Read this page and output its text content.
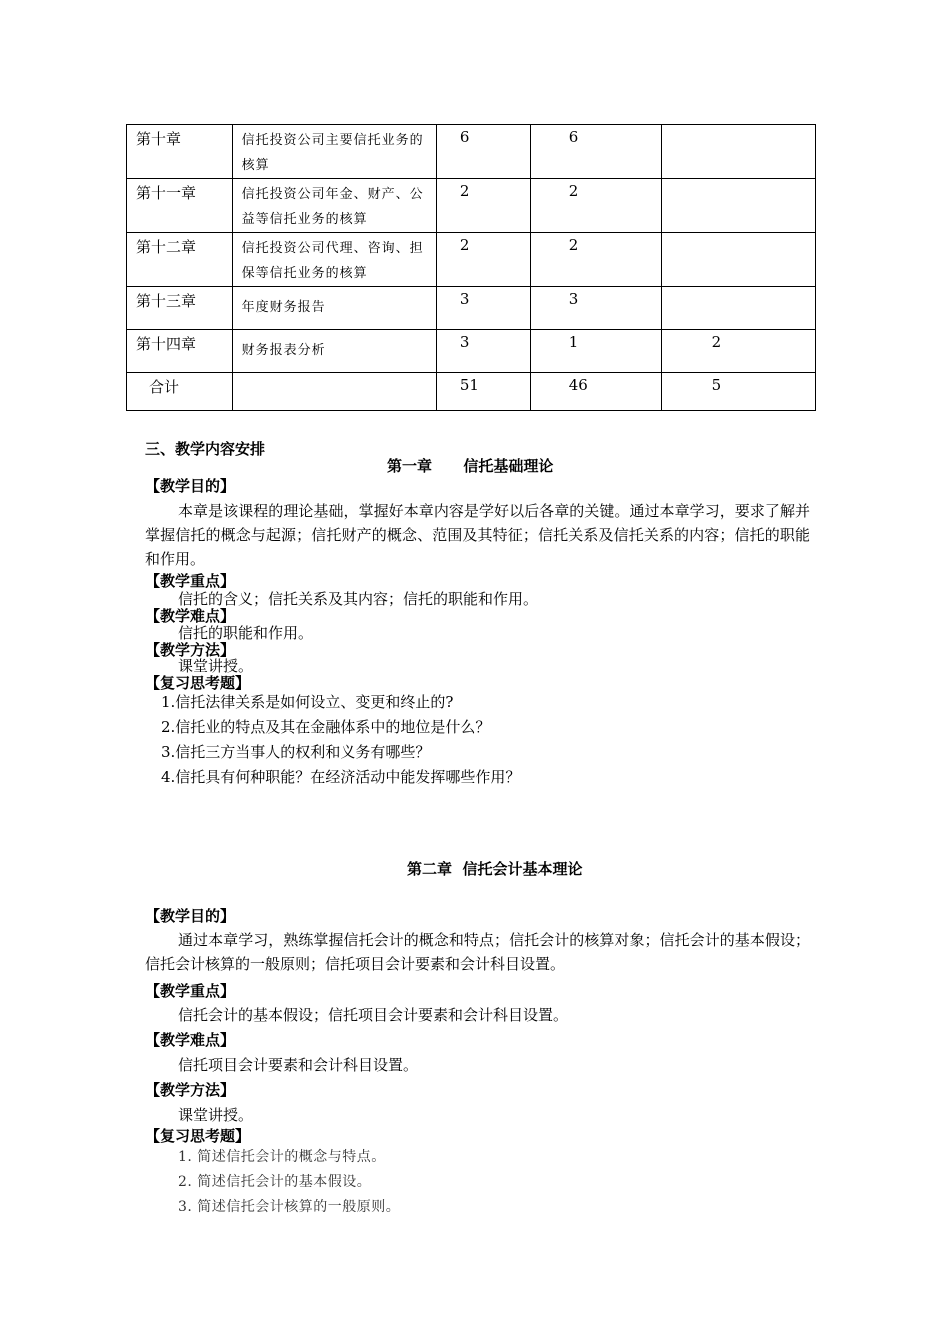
第十章	信托投资公司主要信托业务的
核算	6	6	
第十一章	信托投资公司年金、财产、公
益等信托业务的核算	2	2	
第十二章	信托投资公司代理、咨询、担
保等信托业务的核算	2	2	
第十三章	年度财务报告	3	3	
第十四章	财务报表分析	3	1	2
合计		51	46	5
三、教学内容安排
第一章      信托基础理论
【教学目的】
本章是该课程的理论基础，掌握好本章内容是学好以后各章的关键。通过本章学习，要求了解并掌握信托的概念与起源；信托财产的概念、范围及其特征；信托关系及信托关系的内容；信托的职能和作用。
【教学重点】
信托的含义；信托关系及其内容；信托的职能和作用。
【教学难点】
信托的职能和作用。
【教学方法】
课堂讲授。
【复习思考题】
1.信托法律关系是如何设立、变更和终止的?
2.信托业的特点及其在金融体系中的地位是什么？
3.信托三方当事人的权利和义务有哪些？
4.信托具有何种职能？在经济活动中能发挥哪些作用？
第二章  信托会计基本理论
【教学目的】
通过本章学习，熟练掌握信托会计的概念和特点；信托会计的核算对象；信托会计的基本假设；信托会计核算的一般原则；信托项目会计要素和会计科目设置。
【教学重点】
信托会计的基本假设；信托项目会计要素和会计科目设置。
【教学难点】
信托项目会计要素和会计科目设置。
【教学方法】
课堂讲授。
【复习思考题】
1. 简述信托会计的概念与特点。
2. 简述信托会计的基本假设。
3. 简述信托会计核算的一般原则。
